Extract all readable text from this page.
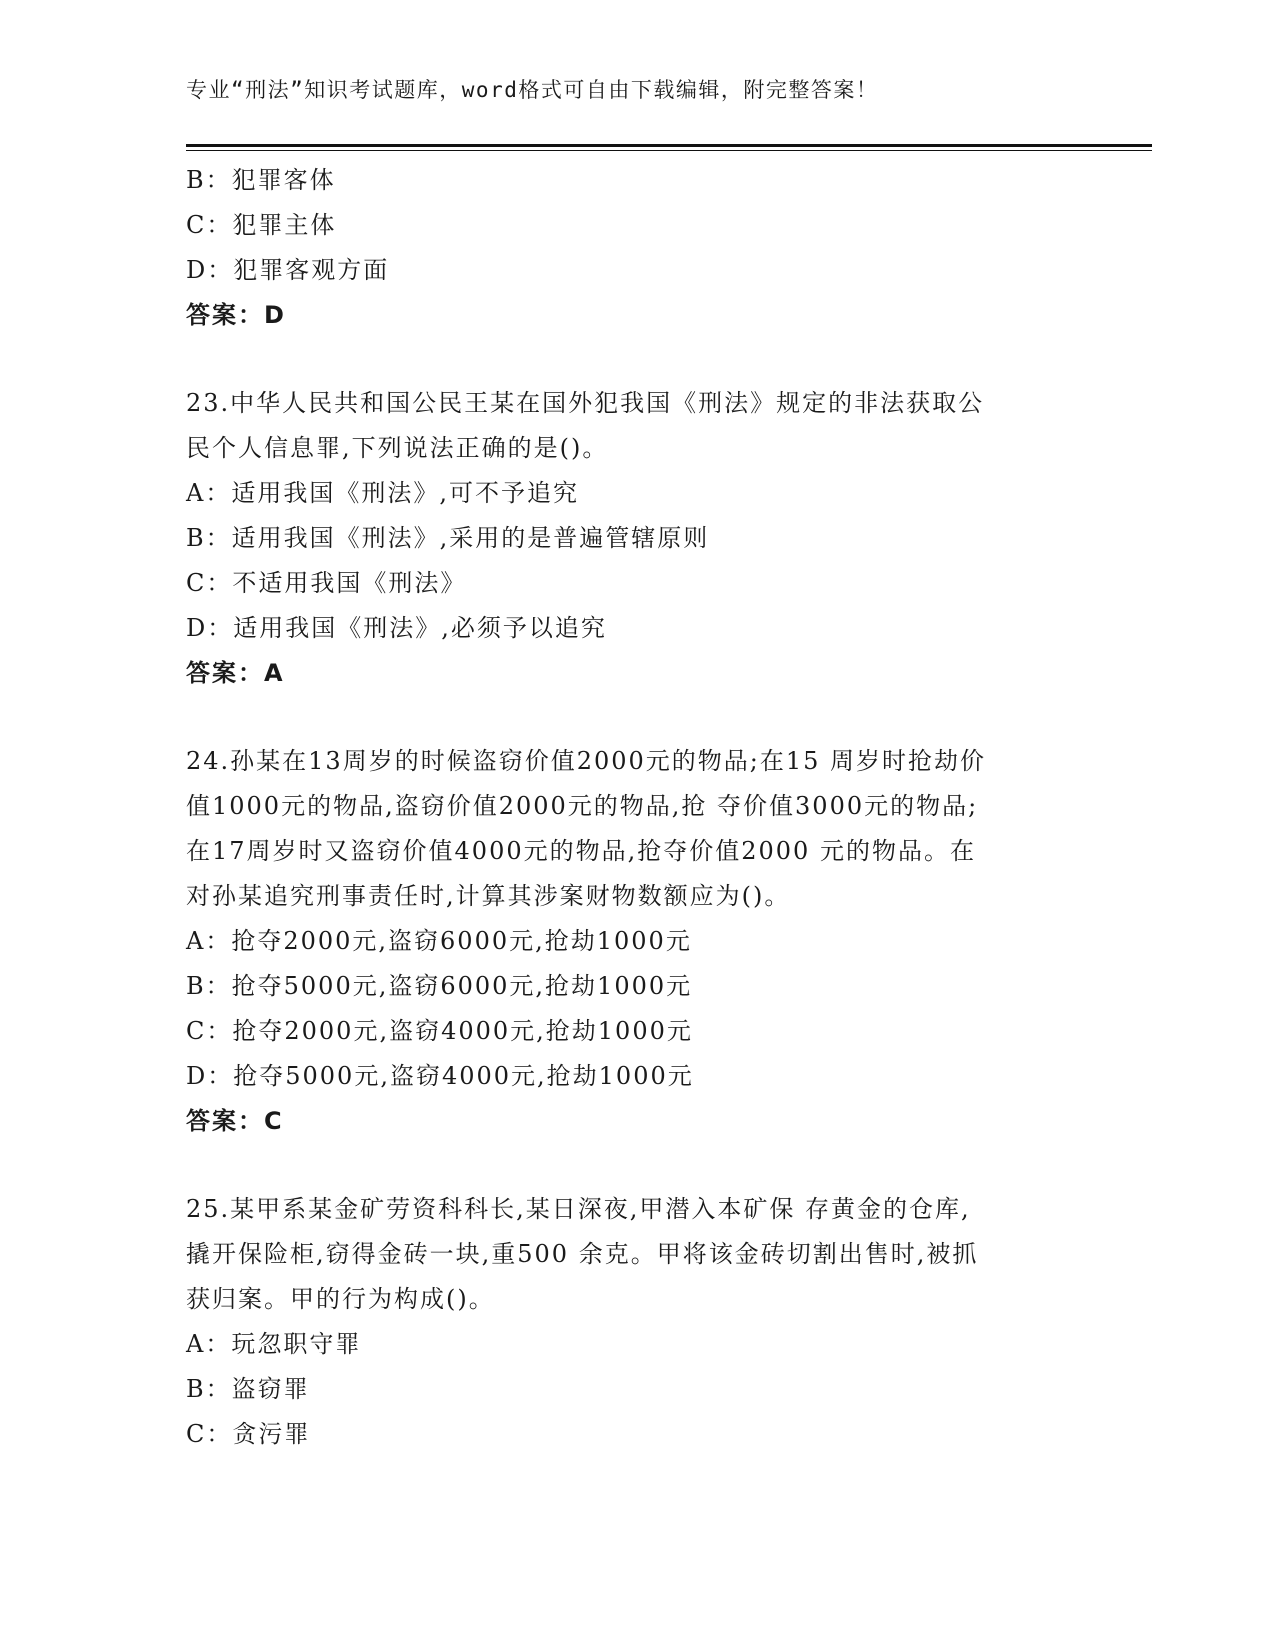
专业“刑法”知识考试题库，word格式可自由下载编辑，附完整答案！
B：犯罪客体
C：犯罪主体
D：犯罪客观方面
答案：D
23.中华人民共和国公民王某在国外犯我国《刑法》规定的非法获取公
民个人信息罪,下列说法正确的是()。
A：适用我国《刑法》,可不予追究
B：适用我国《刑法》,采用的是普遍管辖原则
C：不适用我国《刑法》
D：适用我国《刑法》,必须予以追究
答案：A
24.孙某在13周岁的时候盗窃价值2000元的物品;在15 周岁时抢劫价
值1000元的物品,盗窃价值2000元的物品,抢 夺价值3000元的物品;
在17周岁时又盗窃价值4000元的物品,抢夺价值2000 元的物品。在
对孙某追究刑事责任时,计算其涉案财物数额应为()。
A：抢夺2000元,盗窃6000元,抢劫1000元
B：抢夺5000元,盗窃6000元,抢劫1000元
C：抢夺2000元,盗窃4000元,抢劫1000元
D：抢夺5000元,盗窃4000元,抢劫1000元
答案：C
25.某甲系某金矿劳资科科长,某日深夜,甲潜入本矿保 存黄金的仓库,
撬开保险柜,窃得金砖一块,重500 余克。甲将该金砖切割出售时,被抓
获归案。甲的行为构成()。
A：玩忽职守罪
B：盗窃罪
C：贪污罪
